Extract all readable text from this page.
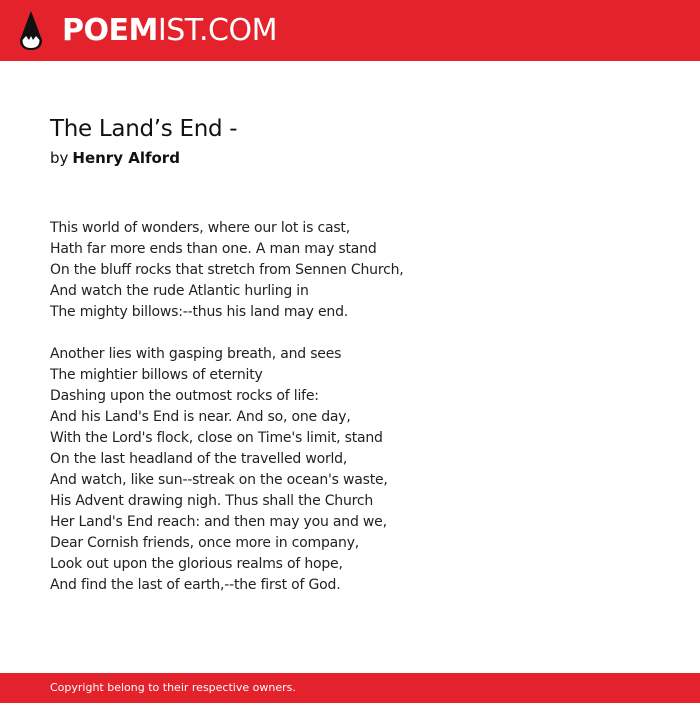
POEMIST.COM
The Land’s End -
by Henry Alford
This world of wonders, where our lot is cast,
Hath far more ends than one. A man may stand
On the bluff rocks that stretch from Sennen Church,
And watch the rude Atlantic hurling in
The mighty billows:--thus his land may end.
Another lies with gasping breath, and sees
The mightier billows of eternity
Dashing upon the outmost rocks of life:
And his Land's End is near. And so, one day,
With the Lord's flock, close on Time's limit, stand
On the last headland of the travelled world,
And watch, like sun--streak on the ocean's waste,
His Advent drawing nigh. Thus shall the Church
Her Land's End reach: and then may you and we,
Dear Cornish friends, once more in company,
Look out upon the glorious realms of hope,
And find the last of earth,--the first of God.
Copyright belong to their respective owners.
